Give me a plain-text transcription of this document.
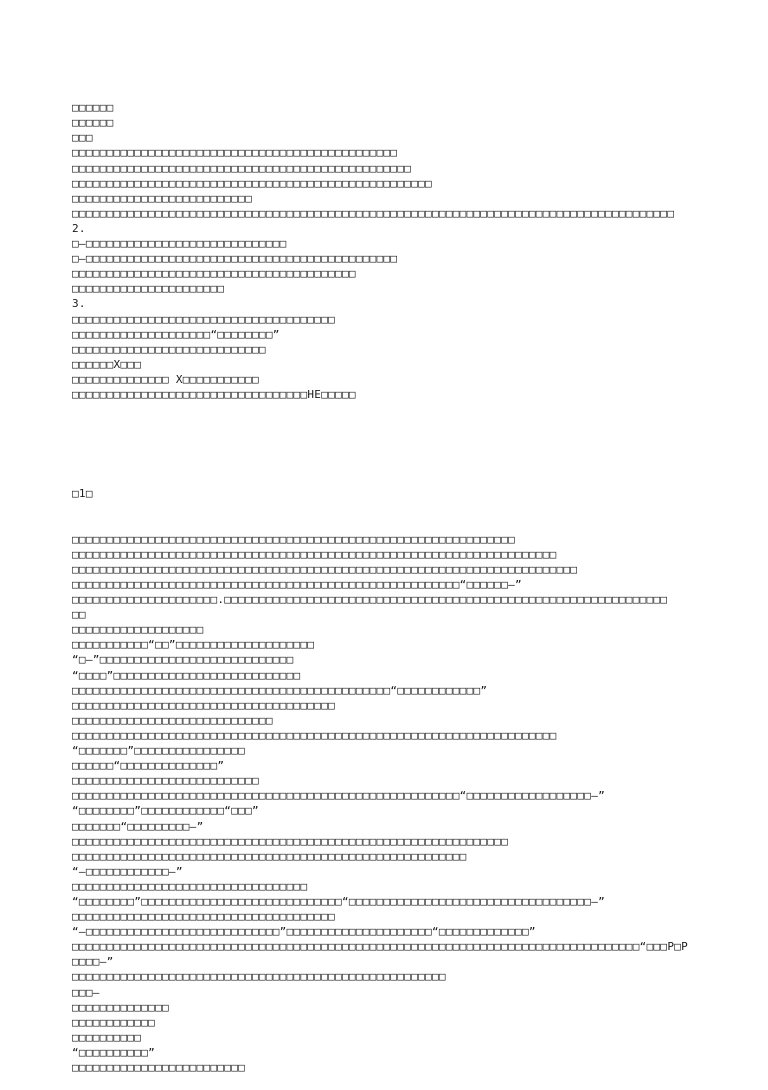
□□□□□□
□□□□□□
□□□
□□□□□□□□□□□□□□□□□□□□□□□□□□□□□□□□□□□□□□□□□□□□□□□
□□□□□□□□□□□□□□□□□□□□□□□□□□□□□□□□□□□□□□□□□□□□□□□□□
□□□□□□□□□□□□□□□□□□□□□□□□□□□□□□□□□□□□□□□□□□□□□□□□□□□□
□□□□□□□□□□□□□□□□□□□□□□□□□□
□□□□□□□□□□□□□□□□□□□□□□□□□□□□□□□□□□□□□□□□□□□□□□□□□□□□□□□□□□□□□□□□□□□□□□□□□□□□□□□□□□□□□□□
2.
□—□□□□□□□□□□□□□□□□□□□□□□□□□□□□□
□—□□□□□□□□□□□□□□□□□□□□□□□□□□□□□□□□□□□□□□□□□□□□□
□□□□□□□□□□□□□□□□□□□□□□□□□□□□□□□□□□□□□□□□□
□□□□□□□□□□□□□□□□□□□□□□
3.
□□□□□□□□□□□□□□□□□□□□□□□□□□□□□□□□□□□□□□
□□□□□□□□□□□□□□□□□□□□“□□□□□□□□”
□□□□□□□□□□□□□□□□□□□□□□□□□□□□
□□□□□□X□□□
□□□□□□□□□□□□□□ X□□□□□□□□□□□
□□□□□□□□□□□□□□□□□□□□□□□□□□□□□□□□□□HE□□□□□

□1□

□□□□□□□□□□□□□□□□□□□□□□□□□□□□□□□□□□□□□□□□□□□□□□□□□□□□□□□□□□□□□□□□
□□□□□□□□□□□□□□□□□□□□□□□□□□□□□□□□□□□□□□□□□□□□□□□□□□□□□□□□□□□□□□□□□□□□□□
□□□□□□□□□□□□□□□□□□□□□□□□□□□□□□□□□□□□□□□□□□□□□□□□□□□□□□□□□□□□□□□□□□□□□□□□□
□□□□□□□□□□□□□□□□□□□□□□□□□□□□□□□□□□□□□□□□□□□□□□□□□□□□□□□□“□□□□□□—”
□□□□□□□□□□□□□□□□□□□□□.□□□□□□□□□□□□□□□□□□□□□□□□□□□□□□□□□□□□□□□□□□□□□□□□□□□□□□□□□□□□□□□□
□□
□□□□□□□□□□□□□□□□□□□
□□□□□□□□□□□“□□”□□□□□□□□□□□□□□□□□□□□
“□—”□□□□□□□□□□□□□□□□□□□□□□□□□□□□
“□□□□”□□□□□□□□□□□□□□□□□□□□□□□□□□□
□□□□□□□□□□□□□□□□□□□□□□□□□□□□□□□□□□□□□□□□□□□□□□“□□□□□□□□□□□□”
□□□□□□□□□□□□□□□□□□□□□□□□□□□□□□□□□□□□□□
□□□□□□□□□□□□□□□□□□□□□□□□□□□□□
□□□□□□□□□□□□□□□□□□□□□□□□□□□□□□□□□□□□□□□□□□□□□□□□□□□□□□□□□□□□□□□□□□□□□□
“□□□□□□□”□□□□□□□□□□□□□□□□
□□□□□□“□□□□□□□□□□□□□□”
□□□□□□□□□□□□□□□□□□□□□□□□□□□
□□□□□□□□□□□□□□□□□□□□□□□□□□□□□□□□□□□□□□□□□□□□□□□□□□□□□□□□“□□□□□□□□□□□□□□□□□□—”
“□□□□□□□□”□□□□□□□□□□□□“□□□”
□□□□□□□“□□□□□□□□□—”
□□□□□□□□□□□□□□□□□□□□□□□□□□□□□□□□□□□□□□□□□□□□□□□□□□□□□□□□□□□□□□□
□□□□□□□□□□□□□□□□□□□□□□□□□□□□□□□□□□□□□□□□□□□□□□□□□□□□□□□□□
“—□□□□□□□□□□□□—”
□□□□□□□□□□□□□□□□□□□□□□□□□□□□□□□□□□
“□□□□□□□□”□□□□□□□□□□□□□□□□□□□□□□□□□□□□□“□□□□□□□□□□□□□□□□□□□□□□□□□□□□□□□□□□□—”
□□□□□□□□□□□□□□□□□□□□□□□□□□□□□□□□□□□□□□
“—□□□□□□□□□□□□□□□□□□□□□□□□□□□□”□□□□□□□□□□□□□□□□□□□□□“□□□□□□□□□□□□□”
□□□□□□□□□□□□□□□□□□□□□□□□□□□□□□□□□□□□□□□□□□□□□□□□□□□□□□□□□□□□□□□□□□□□□□□□□□□□□□□□□□“□□□P□P
□□□□—”
□□□□□□□□□□□□□□□□□□□□□□□□□□□□□□□□□□□□□□□□□□□□□□□□□□□□□□
□□□—
□□□□□□□□□□□□□□
□□□□□□□□□□□□
□□□□□□□□□□
“□□□□□□□□□□”
□□□□□□□□□□□□□□□□□□□□□□□□□
